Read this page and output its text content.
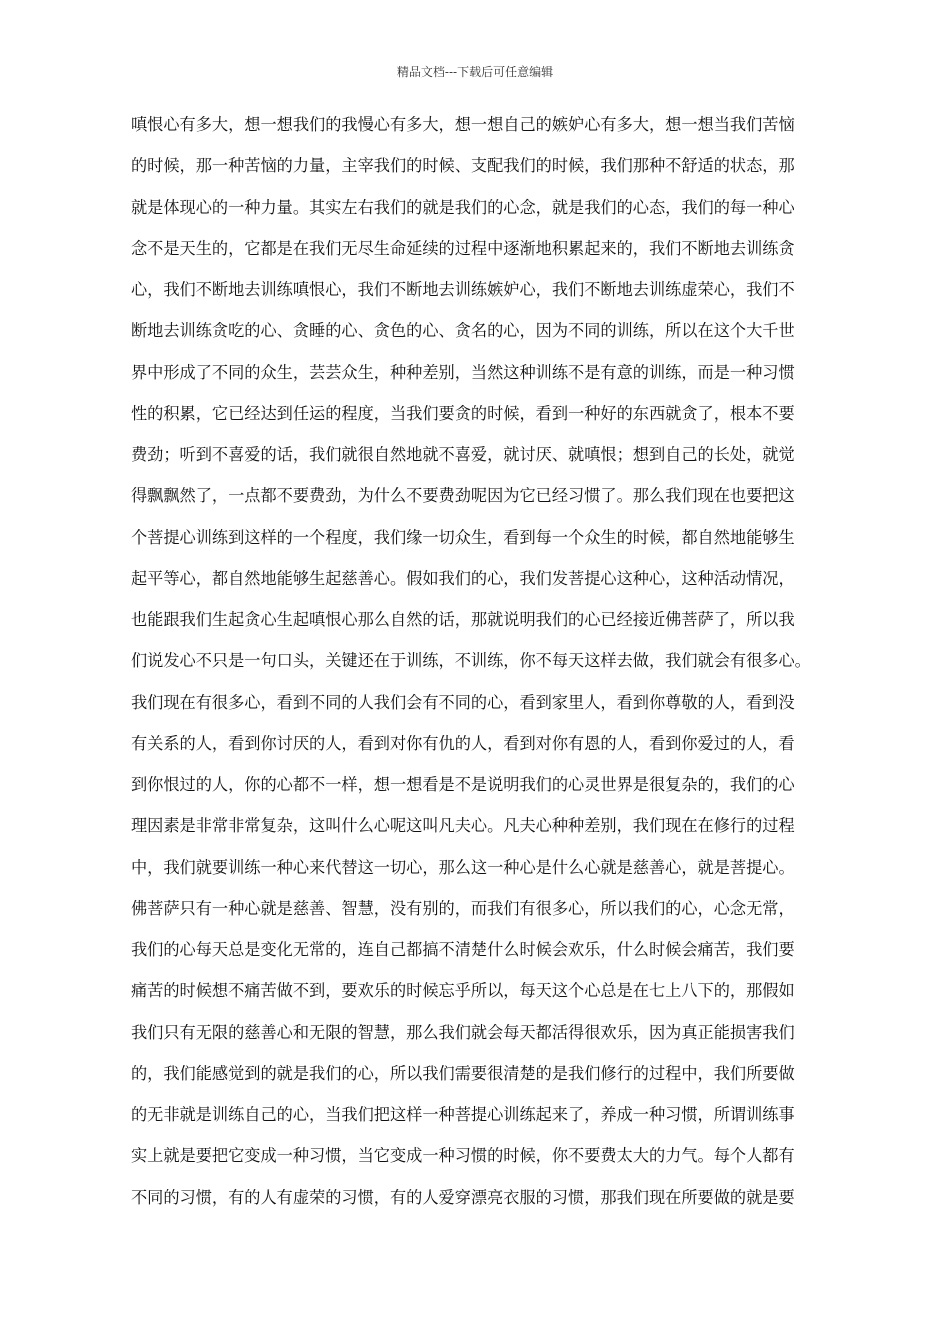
精品文档---下载后可任意编辑
嗔恨心有多大，想一想我们的我慢心有多大，想一想自己的嫉妒心有多大，想一想当我们苦恼
的时候，那一种苦恼的力量，主宰我们的时候、支配我们的时候，我们那种不舒适的状态，那
就是体现心的一种力量。其实左右我们的就是我们的心念，就是我们的心态，我们的每一种心
念不是天生的，它都是在我们无尽生命延续的过程中逐渐地积累起来的，我们不断地去训练贪
心，我们不断地去训练嗔恨心，我们不断地去训练嫉妒心，我们不断地去训练虚荣心，我们不
断地去训练贪吃的心、贪睡的心、贪色的心、贪名的心，因为不同的训练，所以在这个大千世
界中形成了不同的众生，芸芸众生，种种差别，当然这种训练不是有意的训练，而是一种习惯
性的积累，它已经达到任运的程度，当我们要贪的时候，看到一种好的东西就贪了，根本不要
费劲；听到不喜爱的话，我们就很自然地就不喜爱，就讨厌、就嗔恨；想到自己的长处，就觉
得飘飘然了，一点都不要费劲，为什么不要费劲呢因为它已经习惯了。那么我们现在也要把这
个菩提心训练到这样的一个程度，我们缘一切众生，看到每一个众生的时候，都自然地能够生
起平等心，都自然地能够生起慈善心。假如我们的心，我们发菩提心这种心，这种活动情况，
也能跟我们生起贪心生起嗔恨心那么自然的话，那就说明我们的心已经接近佛菩萨了，所以我
们说发心不只是一句口头，关键还在于训练，不训练，你不每天这样去做，我们就会有很多心。
我们现在有很多心，看到不同的人我们会有不同的心，看到家里人，看到你尊敬的人，看到没
有关系的人，看到你讨厌的人，看到对你有仇的人，看到对你有恩的人，看到你爱过的人，看
到你恨过的人，你的心都不一样，想一想看是不是说明我们的心灵世界是很复杂的，我们的心
理因素是非常非常复杂，这叫什么心呢这叫凡夫心。凡夫心种种差别，我们现在在修行的过程
中，我们就要训练一种心来代替这一切心，那么这一种心是什么心就是慈善心，就是菩提心。
佛菩萨只有一种心就是慈善、智慧，没有别的，而我们有很多心，所以我们的心，心念无常，
我们的心每天总是变化无常的，连自己都搞不清楚什么时候会欢乐，什么时候会痛苦，我们要
痛苦的时候想不痛苦做不到，要欢乐的时候忘乎所以，每天这个心总是在七上八下的，那假如
我们只有无限的慈善心和无限的智慧，那么我们就会每天都活得很欢乐，因为真正能损害我们
的，我们能感觉到的就是我们的心，所以我们需要很清楚的是我们修行的过程中，我们所要做
的无非就是训练自己的心，当我们把这样一种菩提心训练起来了，养成一种习惯，所谓训练事
实上就是要把它变成一种习惯，当它变成一种习惯的时候，你不要费太大的力气。每个人都有
不同的习惯，有的人有虚荣的习惯，有的人爱穿漂亮衣服的习惯，那我们现在所要做的就是要
